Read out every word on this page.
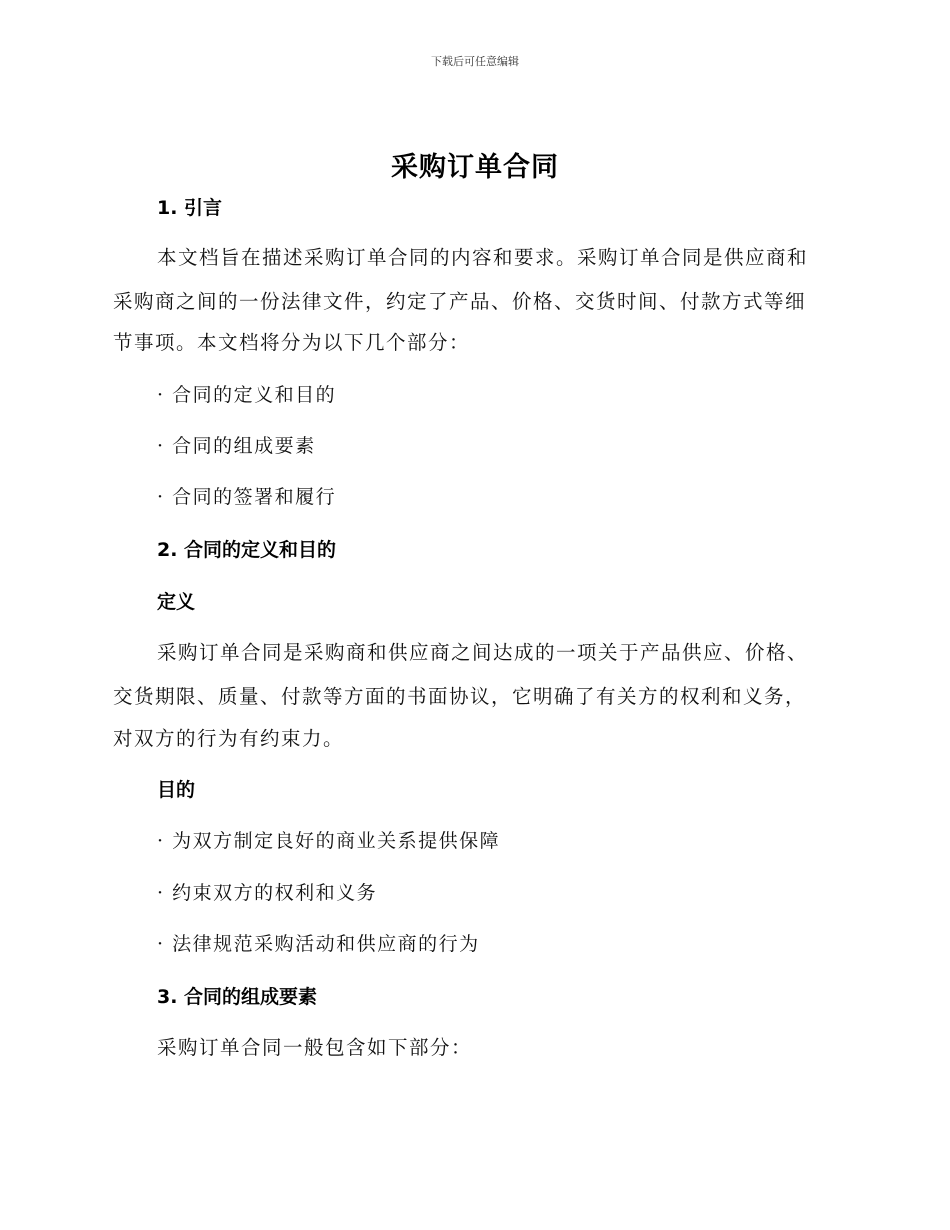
下载后可任意编辑
采购订单合同
1. 引言
本文档旨在描述采购订单合同的内容和要求。采购订单合同是供应商和
采购商之间的一份法律文件，约定了产品、价格、交货时间、付款方式等细
节事项。本文档将分为以下几个部分：
· 合同的定义和目的
· 合同的组成要素
· 合同的签署和履行
2. 合同的定义和目的
定义
采购订单合同是采购商和供应商之间达成的一项关于产品供应、价格、
交货期限、质量、付款等方面的书面协议，它明确了有关方的权利和义务，
对双方的行为有约束力。
目的
· 为双方制定良好的商业关系提供保障
· 约束双方的权利和义务
· 法律规范采购活动和供应商的行为
3. 合同的组成要素
采购订单合同一般包含如下部分：
